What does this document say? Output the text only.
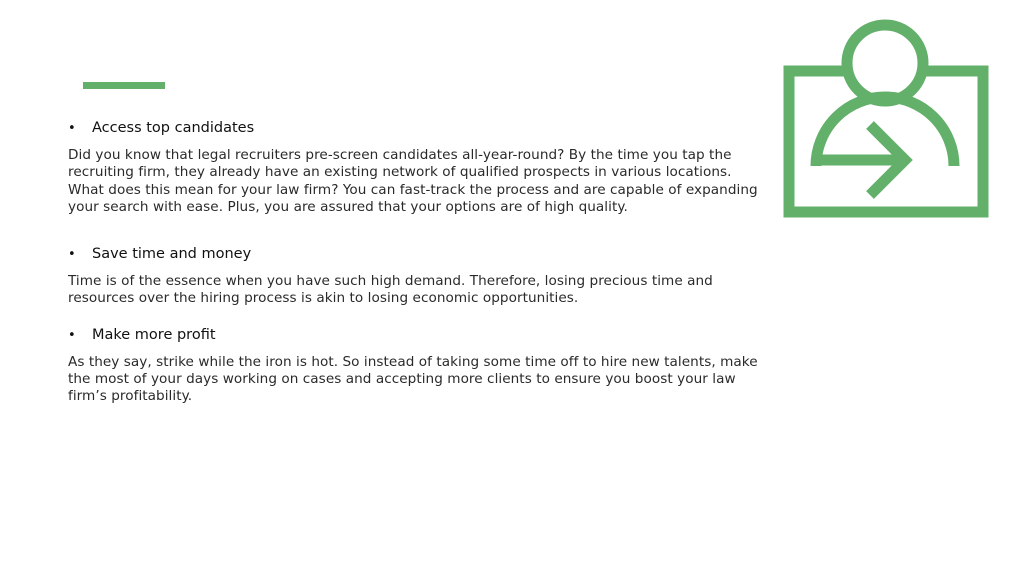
•	Access top candidates
Did you know that legal recruiters pre-screen candidates all-year-round? By the time you tap the recruiting firm, they already have an existing network of qualified prospects in various locations. What does this mean for your law firm? You can fast-track the process and are capable of expanding your search with ease. Plus, you are assured that your options are of high quality.
•	Save time and money
Time is of the essence when you have such high demand. Therefore, losing precious time and resources over the hiring process is akin to losing economic opportunities.
•	Make more profit
As they say, strike while the iron is hot. So instead of taking some time off to hire new talents, make the most of your days working on cases and accepting more clients to ensure you boost your law firm’s profitability.
